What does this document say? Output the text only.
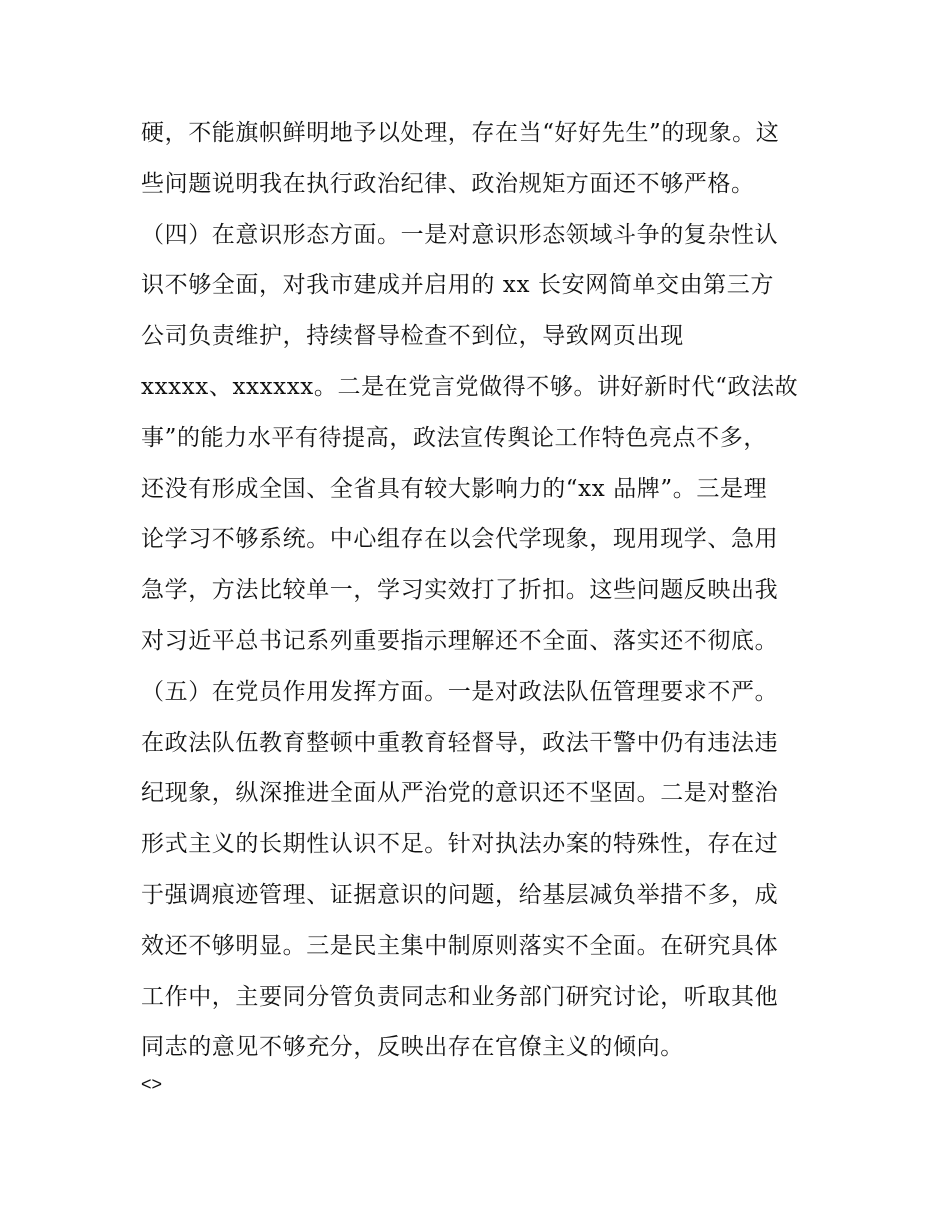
硬，不能旗帜鲜明地予以处理，存在当“好好先生”的现象。这
些问题说明我在执行政治纪律、政治规矩方面还不够严格。
（四）在意识形态方面。一是对意识形态领域斗争的复杂性认
识不够全面，对我市建成并启用的 xx 长安网简单交由第三方
公司负责维护，持续督导检查不到位，导致网页出现
xxxxx、xxxxxx。二是在党言党做得不够。讲好新时代“政法故
事”的能力水平有待提高，政法宣传舆论工作特色亮点不多，
还没有形成全国、全省具有较大影响力的“xx 品牌”。三是理
论学习不够系统。中心组存在以会代学现象，现用现学、急用
急学，方法比较单一，学习实效打了折扣。这些问题反映出我
对习近平总书记系列重要指示理解还不全面、落实还不彻底。
（五）在党员作用发挥方面。一是对政法队伍管理要求不严。
在政法队伍教育整顿中重教育轻督导，政法干警中仍有违法违
纪现象，纵深推进全面从严治党的意识还不坚固。二是对整治
形式主义的长期性认识不足。针对执法办案的特殊性，存在过
于强调痕迹管理、证据意识的问题，给基层减负举措不多，成
效还不够明显。三是民主集中制原则落实不全面。在研究具体
工作中，主要同分管负责同志和业务部门研究讨论，听取其他
同志的意见不够充分，反映出存在官僚主义的倾向。
<>
